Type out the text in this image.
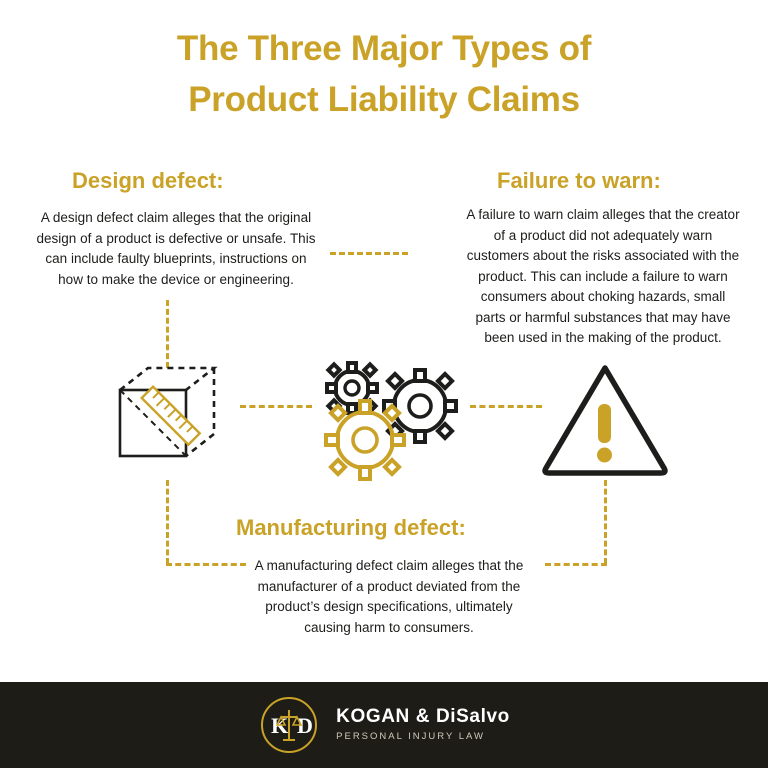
The Three Major Types of
Product Liability Claims
Design defect:	Failure to warn:
Manufacturing defect:
A design defect claim alleges that the original design of a product is defective or unsafe. This can include faulty blueprints, instructions on how to make the device or engineering.
A failure to warn claim alleges that the creator of a product did not adequately warn customers about the risks associated with the product. This can include a failure to warn consumers about choking hazards, small parts or harmful substances that may have been used in the making of the product.
A manufacturing defect claim alleges that the manufacturer of a product deviated from the product’s design specifications, ultimately causing harm to consumers.
K D KOGAN & DiSalvo
PERSONAL INJURY LAW
